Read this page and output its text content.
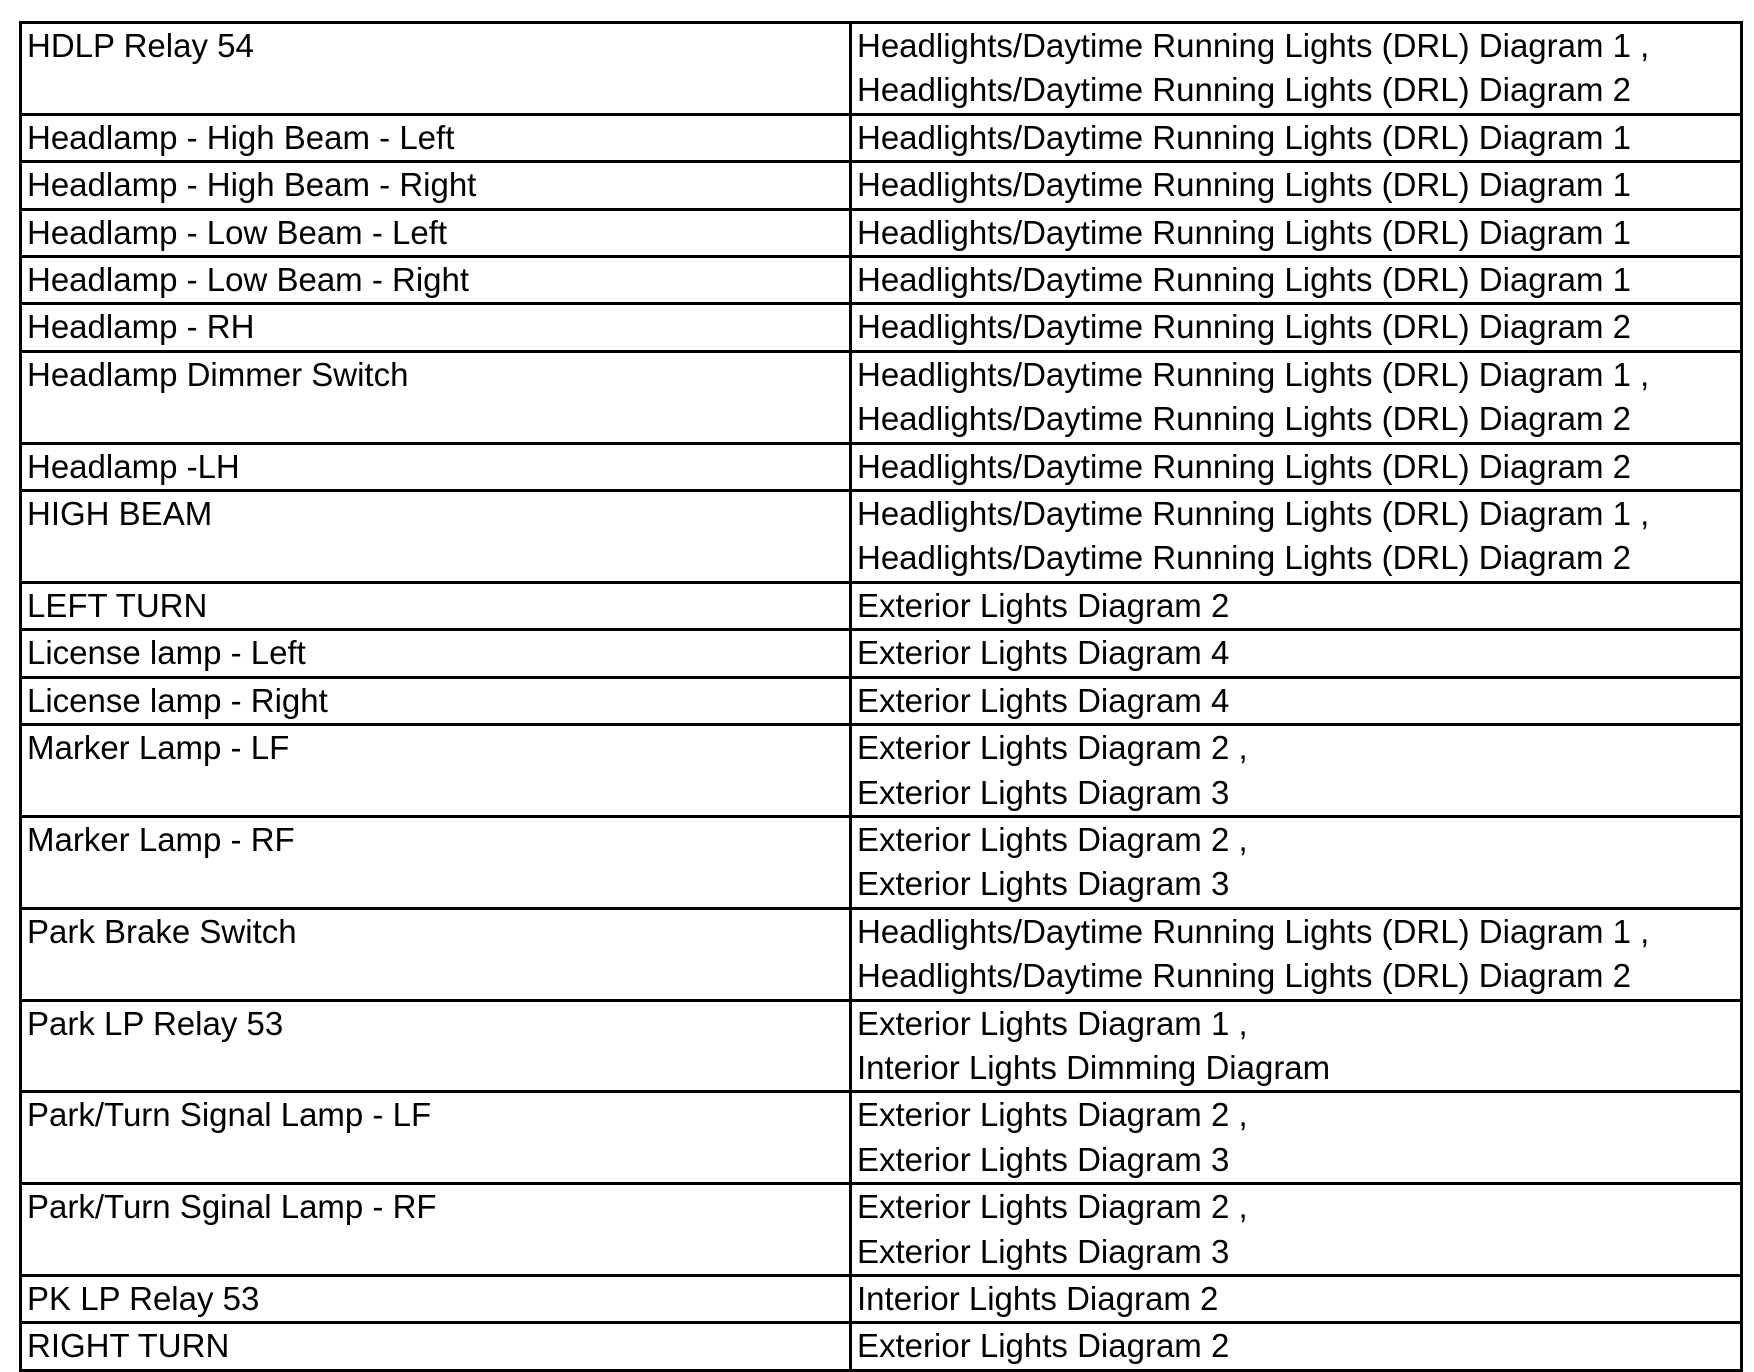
HDLP Relay 54	Headlights/Daytime Running Lights (DRL) Diagram 1 ,
Headlights/Daytime Running Lights (DRL) Diagram 2

Headlamp - High Beam - Left	Headlights/Daytime Running Lights (DRL) Diagram 1

Headlamp - High Beam - Right	Headlights/Daytime Running Lights (DRL) Diagram 1

Headlamp - Low Beam - Left	Headlights/Daytime Running Lights (DRL) Diagram 1

Headlamp - Low Beam - Right	Headlights/Daytime Running Lights (DRL) Diagram 1

Headlamp - RH	Headlights/Daytime Running Lights (DRL) Diagram 2

Headlamp Dimmer Switch	Headlights/Daytime Running Lights (DRL) Diagram 1 ,
Headlights/Daytime Running Lights (DRL) Diagram 2

Headlamp -LH	Headlights/Daytime Running Lights (DRL) Diagram 2

HIGH BEAM	Headlights/Daytime Running Lights (DRL) Diagram 1 ,
Headlights/Daytime Running Lights (DRL) Diagram 2

LEFT TURN	Exterior Lights Diagram 2

License lamp - Left	Exterior Lights Diagram 4

License lamp - Right	Exterior Lights Diagram 4

Marker Lamp - LF	Exterior Lights Diagram 2 ,
Exterior Lights Diagram 3

Marker Lamp - RF	Exterior Lights Diagram 2 ,
Exterior Lights Diagram 3

Park Brake Switch	Headlights/Daytime Running Lights (DRL) Diagram 1 ,
Headlights/Daytime Running Lights (DRL) Diagram 2

Park LP Relay 53	Exterior Lights Diagram 1 ,
Interior Lights Dimming Diagram

Park/Turn Signal Lamp - LF	Exterior Lights Diagram 2 ,
Exterior Lights Diagram 3

Park/Turn Sginal Lamp - RF	Exterior Lights Diagram 2 ,
Exterior Lights Diagram 3

PK LP Relay 53	Interior Lights Diagram 2

RIGHT TURN	Exterior Lights Diagram 2
